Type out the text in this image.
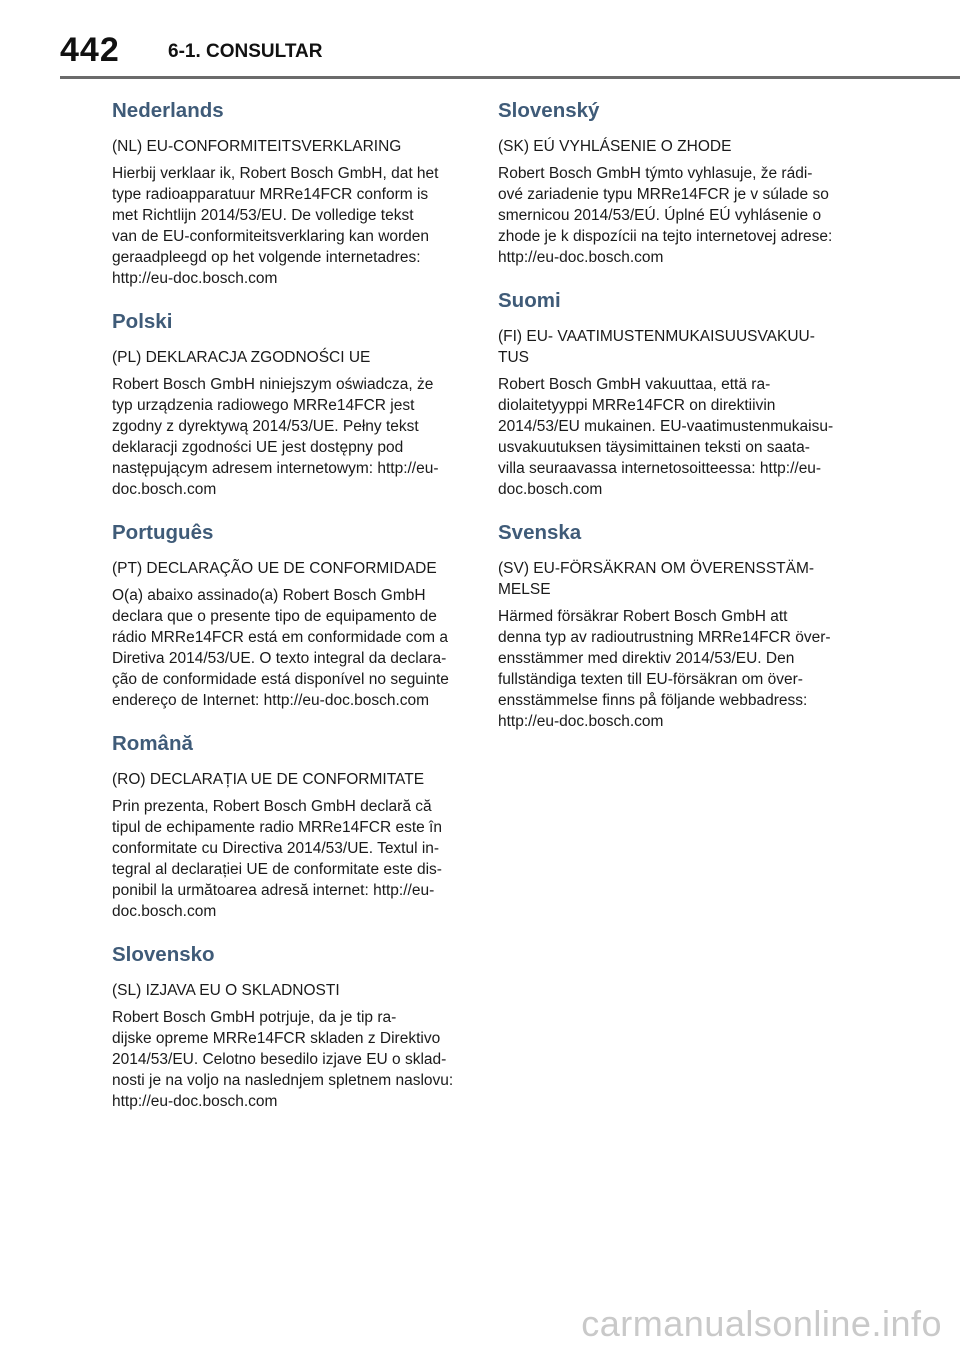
442	6-1. CONSULTAR
Nederlands

(NL) EU-CONFORMITEITSVERKLARING

Hierbij verklaar ik, Robert Bosch GmbH, dat het
type radioapparatuur MRRe14FCR conform is
met Richtlijn 2014/53/EU. De volledige tekst
van de EU-conformiteitsverklaring kan worden
geraadpleegd op het volgende internetadres:
http://eu-doc.bosch.com

Polski

(PL) DEKLARACJA ZGODNOŚCI UE

Robert Bosch GmbH niniejszym oświadcza, że
typ urządzenia radiowego MRRe14FCR jest
zgodny z dyrektywą 2014/53/UE. Pełny tekst
deklaracji zgodności UE jest dostępny pod
następującym adresem internetowym: http://eu-
doc.bosch.com

Português

(PT) DECLARAÇÃO UE DE CONFORMIDADE

O(a) abaixo assinado(a) Robert Bosch GmbH
declara que o presente tipo de equipamento de
rádio MRRe14FCR está em conformidade com a
Diretiva 2014/53/UE. O texto integral da declara-
ção de conformidade está disponível no seguinte
endereço de Internet: http://eu-doc.bosch.com

Română

(RO) DECLARAȚIA UE DE CONFORMITATE

Prin prezenta, Robert Bosch GmbH declară că
tipul de echipamente radio MRRe14FCR este în
conformitate cu Directiva 2014/53/UE. Textul in-
tegral al declarației UE de conformitate este dis-
ponibil la următoarea adresă internet: http://eu-
doc.bosch.com

Slovensko

(SL) IZJAVA EU O SKLADNOSTI

Robert Bosch GmbH potrjuje, da je tip ra-
dijske opreme MRRe14FCR skladen z Direktivo
2014/53/EU. Celotno besedilo izjave EU o sklad-
nosti je na voljo na naslednjem spletnem naslovu:
http://eu-doc.bosch.com

Slovenský

(SK) EÚ VYHLÁSENIE O ZHODE

Robert Bosch GmbH týmto vyhlasuje, že rádi-
ové zariadenie typu MRRe14FCR je v súlade so
smernicou 2014/53/EÚ. Úplné EÚ vyhlásenie o
zhode je k dispozícii na tejto internetovej adrese:
http://eu-doc.bosch.com

Suomi

(FI) EU- VAATIMUSTENMUKAISUUSVAKUU-
TUS

Robert Bosch GmbH vakuuttaa, että ra-
diolaitetyyppi MRRe14FCR on direktiivin
2014/53/EU mukainen. EU-vaatimustenmukaisu-
usvakuutuksen täysimittainen teksti on saata-
villa seuraavassa internetosoitteessa: http://eu-
doc.bosch.com

Svenska

(SV) EU-FÖRSÄKRAN OM ÖVERENSSTÄM-
MELSE

Härmed försäkrar Robert Bosch GmbH att
denna typ av radioutrustning MRRe14FCR över-
ensstämmer med direktiv 2014/53/EU. Den
fullständiga texten till EU-försäkran om över-
ensstämmelse finns på följande webbadress:
http://eu-doc.bosch.com

carmanualsonline.info
